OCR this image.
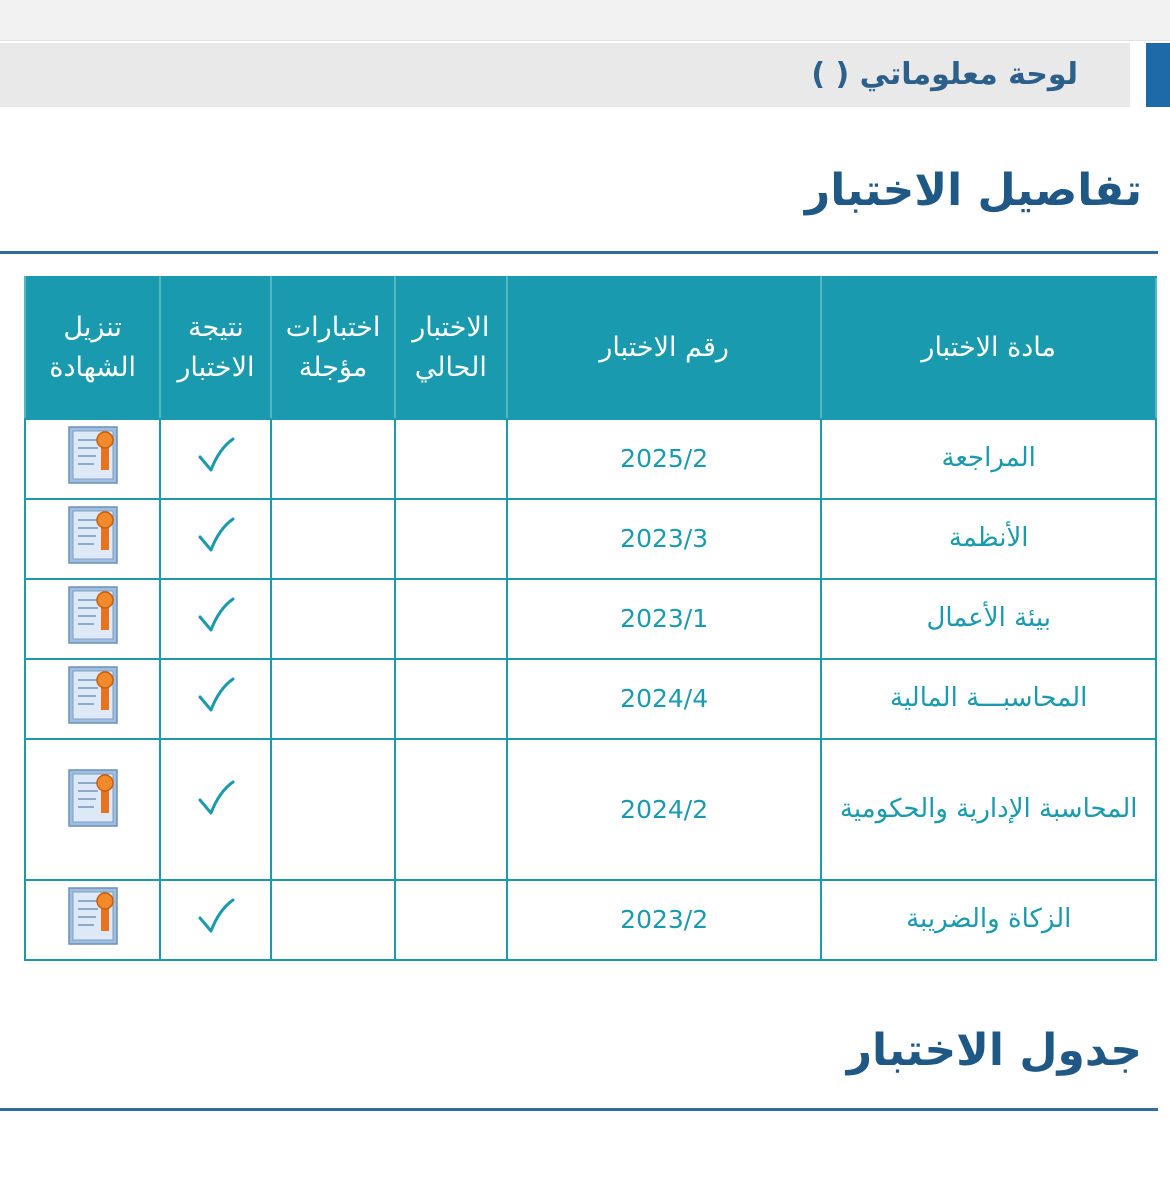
لوحة معلوماتي ( )
تفاصيل الاختبار
مادة الاختبار	رقم الاختبار	الاختبار الحالي	اختبارات مؤجلة	نتيجة الاختبار	تنزيل الشهادة
المراجعة	2025/2				
الأنظمة	2023/3				
بيئة الأعمال	2023/1				
المحاسبـــة المالية	2024/4				
المحاسبة الإدارية والحكومية	2024/2				
الزكاة والضريبة	2023/2				
جدول الاختبار
